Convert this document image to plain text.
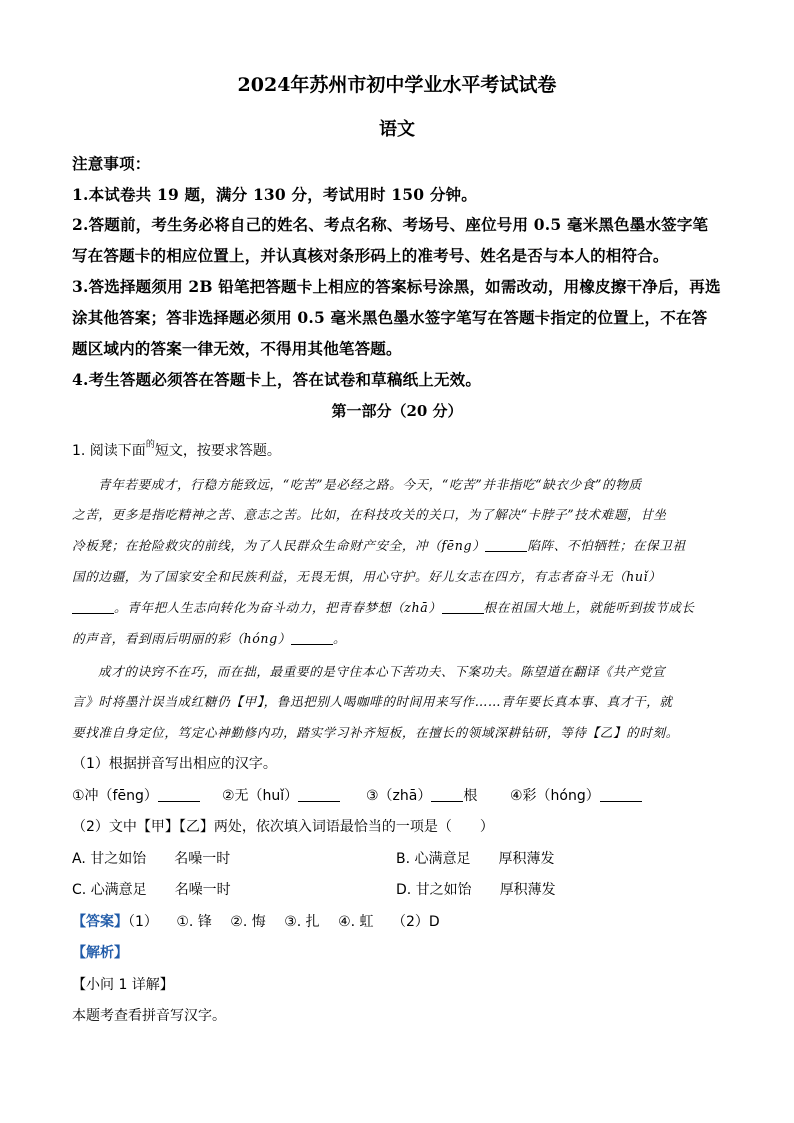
2024年苏州市初中学业水平考试试卷
语文
注意事项：
1.本试卷共 19 题，满分 130 分，考试用时 150 分钟。
2.答题前，考生务必将自己的姓名、考点名称、考场号、座位号用 0.5 毫米黑色墨水签字笔
写在答题卡的相应位置上，并认真核对条形码上的准考号、姓名是否与本人的相符合。
3.答选择题须用 2B 铅笔把答题卡上相应的答案标号涂黑，如需改动，用橡皮擦干净后，再选
涂其他答案；答非选择题必须用 0.5 毫米黑色墨水签字笔写在答题卡指定的位置上，不在答
题区域内的答案一律无效，不得用其他笔答题。
4.考生答题必须答在答题卡上，答在试卷和草稿纸上无效。
第一部分（20 分）
1. 阅读下面$^的$短文，按要求答题。
青年若要成才，行稳方能致远，“吃苦”是必经之路。今天，“吃苦”并非指吃“缺衣少食”的物质
之苦，更多是指吃精神之苦、意志之苦。比如，在科技攻关的关口，为了解决“卡脖子”技术难题，甘坐
冷板凳；在抢险救灾的前线，为了人民群众生命财产安全，冲（fēng）	陷阵、不怕牺牲；在保卫祖
国的边疆，为了国家安全和民族利益，无畏无惧，用心守护。好儿女志在四方，有志者奋斗无（huǐ）
。青年把人生志向转化为奋斗动力，把青春梦想（zhā）	根在祖国大地上，就能听到拔节成长
的声音，看到雨后明丽的彩（hóng）	。
成才的诀窍不在巧，而在拙，最重要的是守住本心下苦功夫、下案功夫。陈望道在翻译《共产党宣
言》时将墨汁误当成红糖仍【甲】，鲁迅把别人喝咖啡的时间用来写作……青年要长真本事、真才干，就
要找准自身定位，笃定心神勤修内功，踏实学习补齐短板，在擅长的领域深耕钻研，等待【乙】的时刻。
（1）根据拼音写出相应的汉字。
①冲（fēng）	②无（huǐ）	③（zhā） 根 ④彩（hóng）
（2）文中【甲】【乙】两处，依次填入词语最恰当的一项是（　　）
A. 甘之如饴 名噪一时	B. 心满意足 厚积薄发
C. 心满意足 名噪一时	D. 甘之如饴 厚积薄发
【答案】（1） ①. 锋 ②. 悔 ③. 扎 ④. 虹 （2）D
【解析】
【小问 1 详解】
本题考查看拼音写汉字。
